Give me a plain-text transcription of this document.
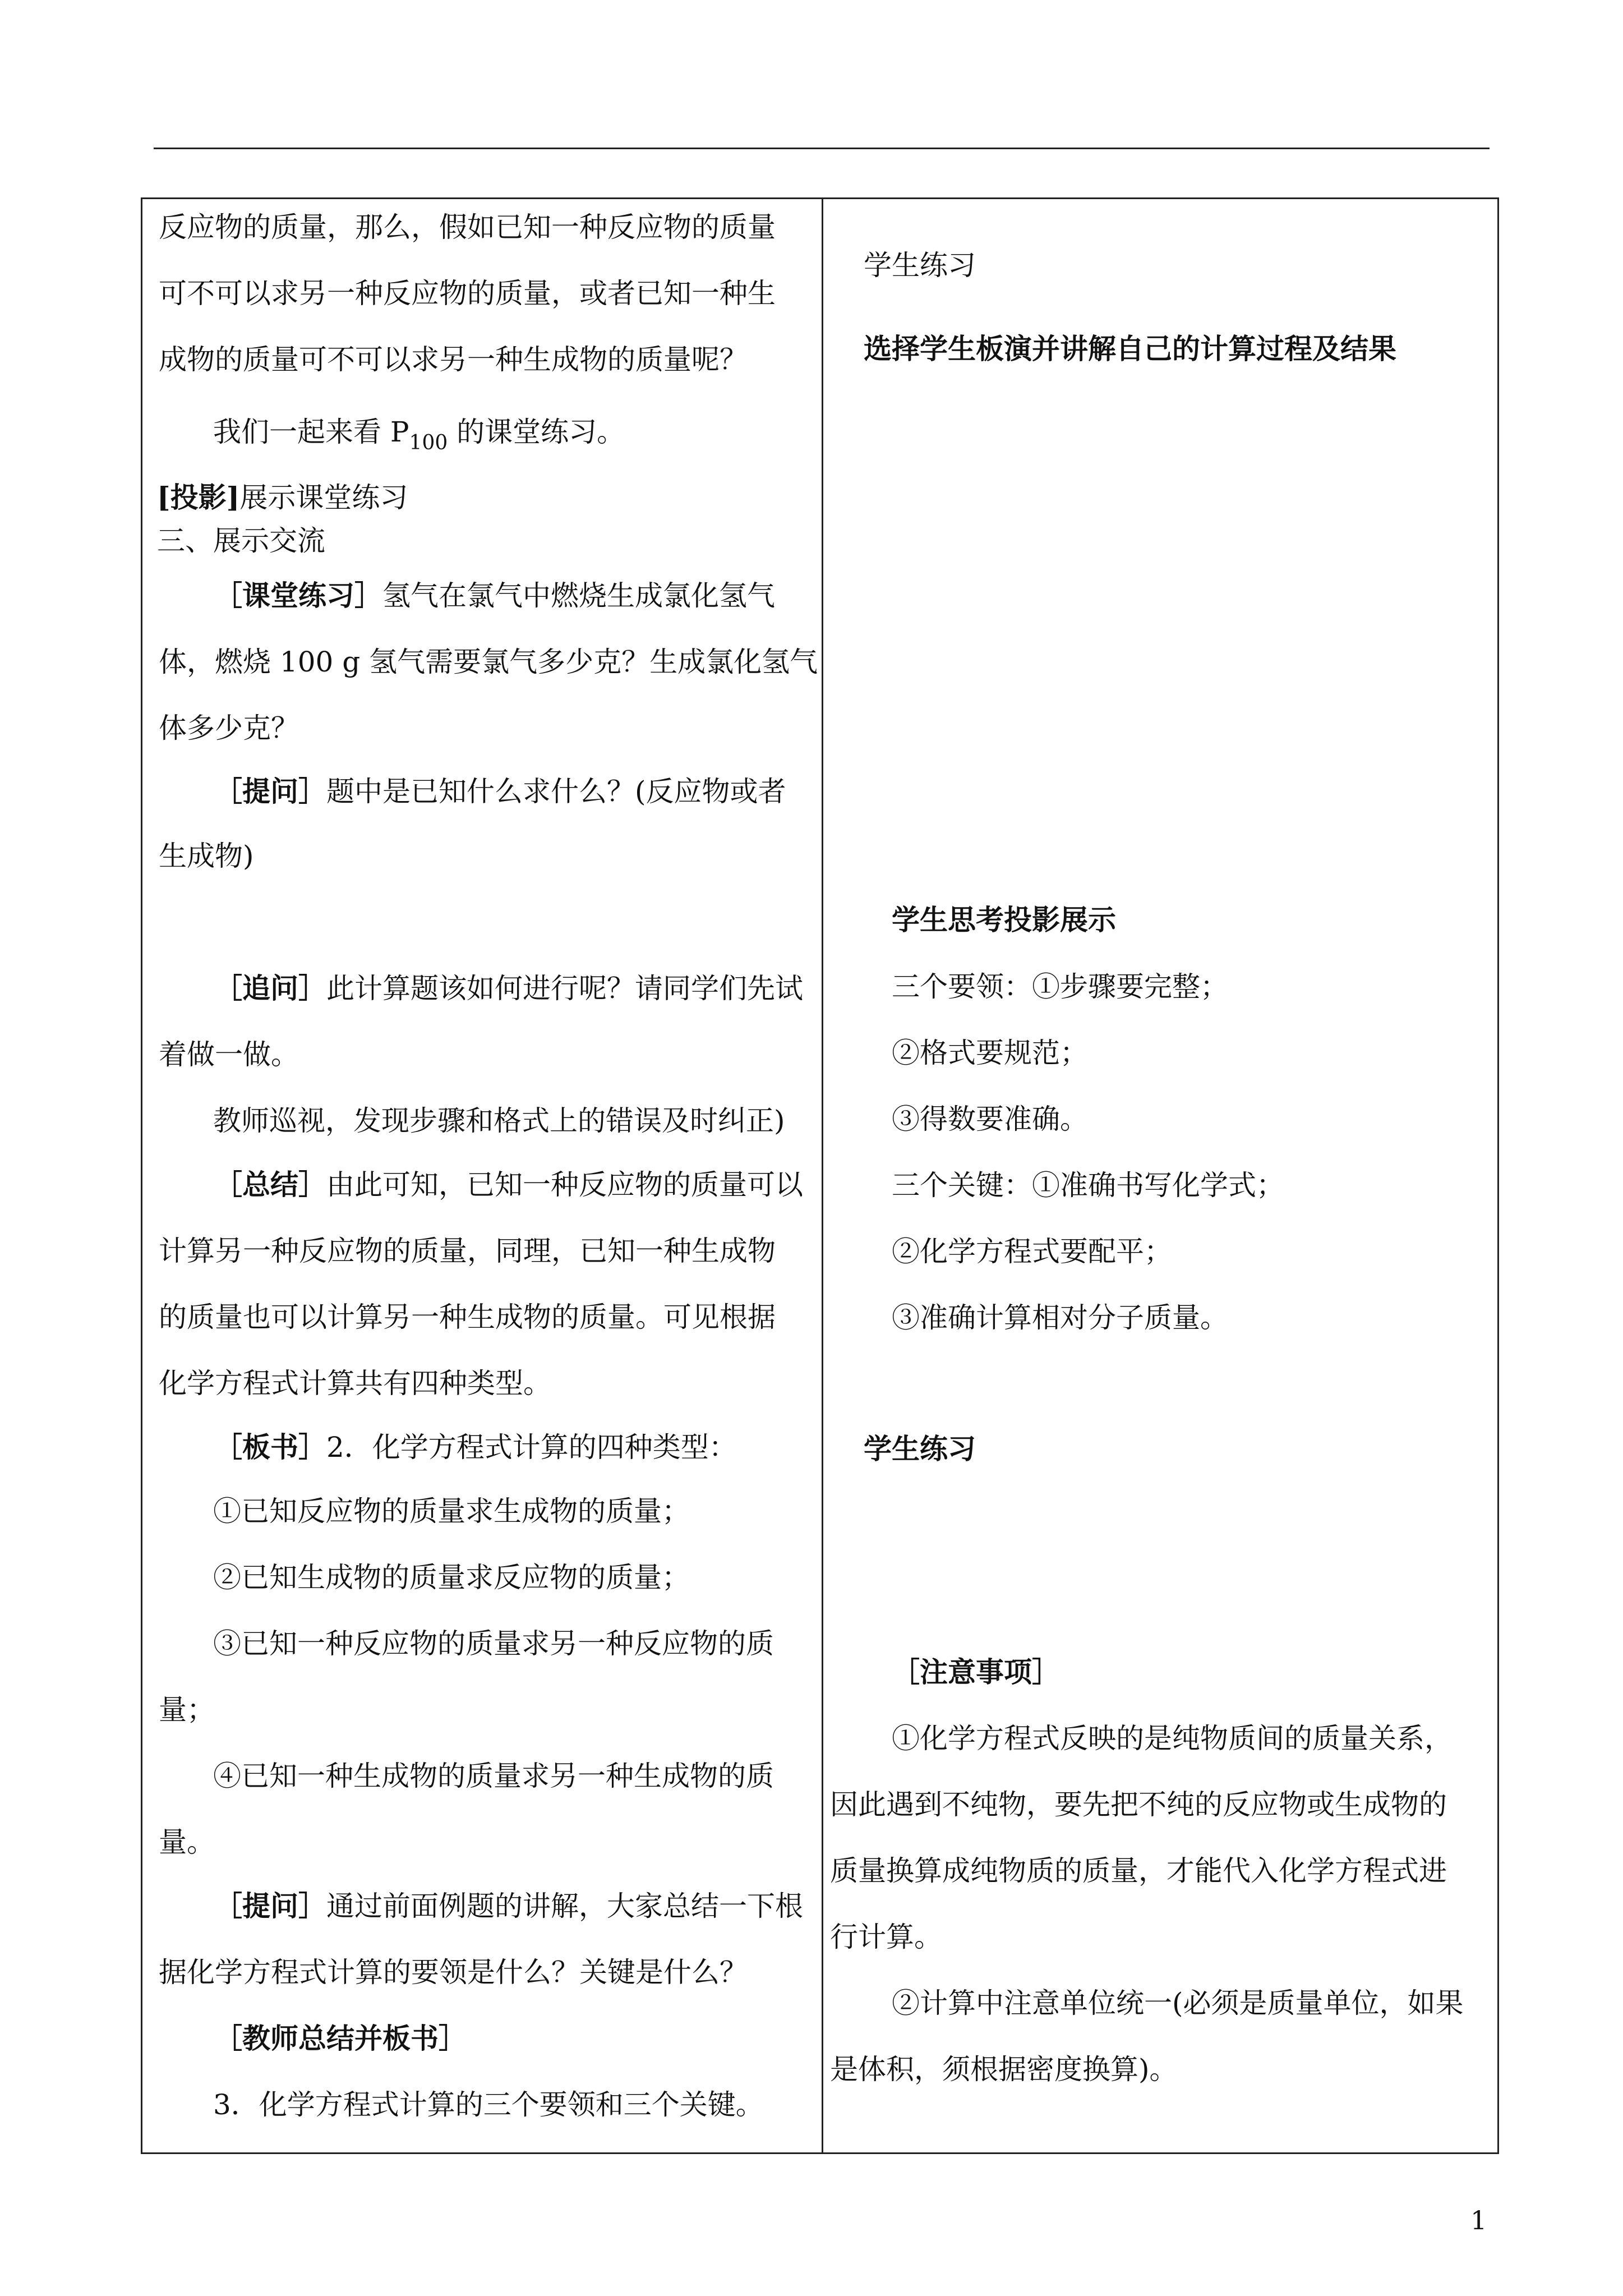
反应物的质量，那么，假如已知一种反应物的质量
可不可以求另一种反应物的质量，或者已知一种生
成物的质量可不可以求另一种生成物的质量呢？
我们一起来看 $P_{100}$ 的课堂练习。
[投影]展示课堂练习
三、展示交流
［课堂练习］氢气在氯气中燃烧生成氯化氢气
体，燃烧 100 g 氢气需要氯气多少克？生成氯化氢气
体多少克？
［提问］题中是已知什么求什么？(反应物或者
生成物)
［追问］此计算题该如何进行呢？请同学们先试
着做一做。
教师巡视，发现步骤和格式上的错误及时纠正)
［总结］由此可知，已知一种反应物的质量可以
计算另一种反应物的质量，同理，已知一种生成物
的质量也可以计算另一种生成物的质量。可见根据
化学方程式计算共有四种类型。
［板书］2．化学方程式计算的四种类型：
①已知反应物的质量求生成物的质量；
②已知生成物的质量求反应物的质量；
③已知一种反应物的质量求另一种反应物的质
量；
④已知一种生成物的质量求另一种生成物的质
量。
［提问］通过前面例题的讲解，大家总结一下根
据化学方程式计算的要领是什么？关键是什么？
［教师总结并板书］
3．化学方程式计算的三个要领和三个关键。
学生练习
选择学生板演并讲解自己的计算过程及结果
学生思考投影展示
三个要领：①步骤要完整；
②格式要规范；
③得数要准确。
三个关键：①准确书写化学式；
②化学方程式要配平；
③准确计算相对分子质量。
学生练习
［注意事项］
①化学方程式反映的是纯物质间的质量关系，
因此遇到不纯物，要先把不纯的反应物或生成物的
质量换算成纯物质的质量，才能代入化学方程式进
行计算。
②计算中注意单位统一(必须是质量单位，如果
是体积，须根据密度换算)。
1
